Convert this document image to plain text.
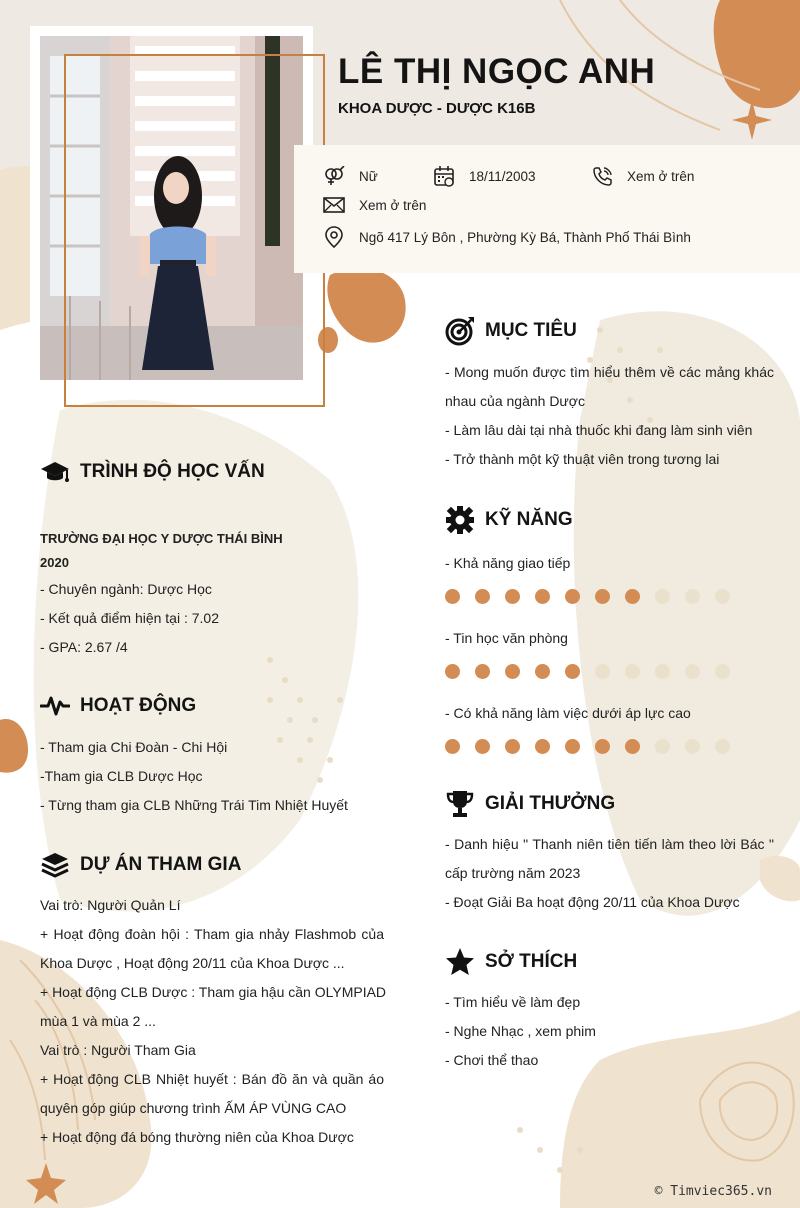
LÊ THỊ NGỌC ANH
KHOA DƯỢC - DƯỢC K16B
Nữ	18/11/2003	Xem ở trên
Xem ở trên
Ngõ 417 Lý Bôn , Phường Kỳ Bá, Thành Phố Thái Bình
TRÌNH ĐỘ HỌC VẤN
TRƯỜNG ĐẠI HỌC Y DƯỢC THÁI BÌNH
2020
- Chuyên ngành: Dược Học
- Kết quả điểm hiện tại : 7.02
- GPA: 2.67 /4
HOẠT ĐỘNG
- Tham gia Chi Đoàn - Chi Hội
-Tham gia CLB Dược Học
- Từng tham gia CLB Những Trái Tim Nhiệt Huyết
DỰ ÁN THAM GIA
Vai trò: Người Quản Lí
+ Hoạt động đoàn hội : Tham gia nhảy Flashmob của
Khoa Dược , Hoạt động 20/11 của Khoa Dược ...
+ Hoạt động CLB Dược : Tham gia hậu cần OLYMPIAD
mùa 1 và mùa 2 ...
Vai trò : Người Tham Gia
+ Hoạt động CLB Nhiệt huyết : Bán đồ ăn và quần áo
quyên góp giúp chương trình ẤM ÁP VÙNG CAO
+ Hoạt động đá bóng thường niên của Khoa Dược
MỤC TIÊU
- Mong muốn được tìm hiểu thêm về các mảng khác
nhau của ngành Dược
- Làm lâu dài tại nhà thuốc khi đang làm sinh viên
- Trở thành một kỹ thuật viên trong tương lai
KỸ NĂNG
- Khả năng giao tiếp
- Tin học văn phòng
- Có khả năng làm việc dưới áp lực cao
GIẢI THƯỞNG
- Danh hiệu " Thanh niên tiên tiến làm theo lời Bác "
cấp trường năm 2023
- Đoạt Giải Ba hoạt động 20/11 của Khoa Dược
SỞ THÍCH
- Tìm hiểu về làm đẹp
- Nghe Nhạc , xem phim
- Chơi thể thao
© Timviec365.vn
